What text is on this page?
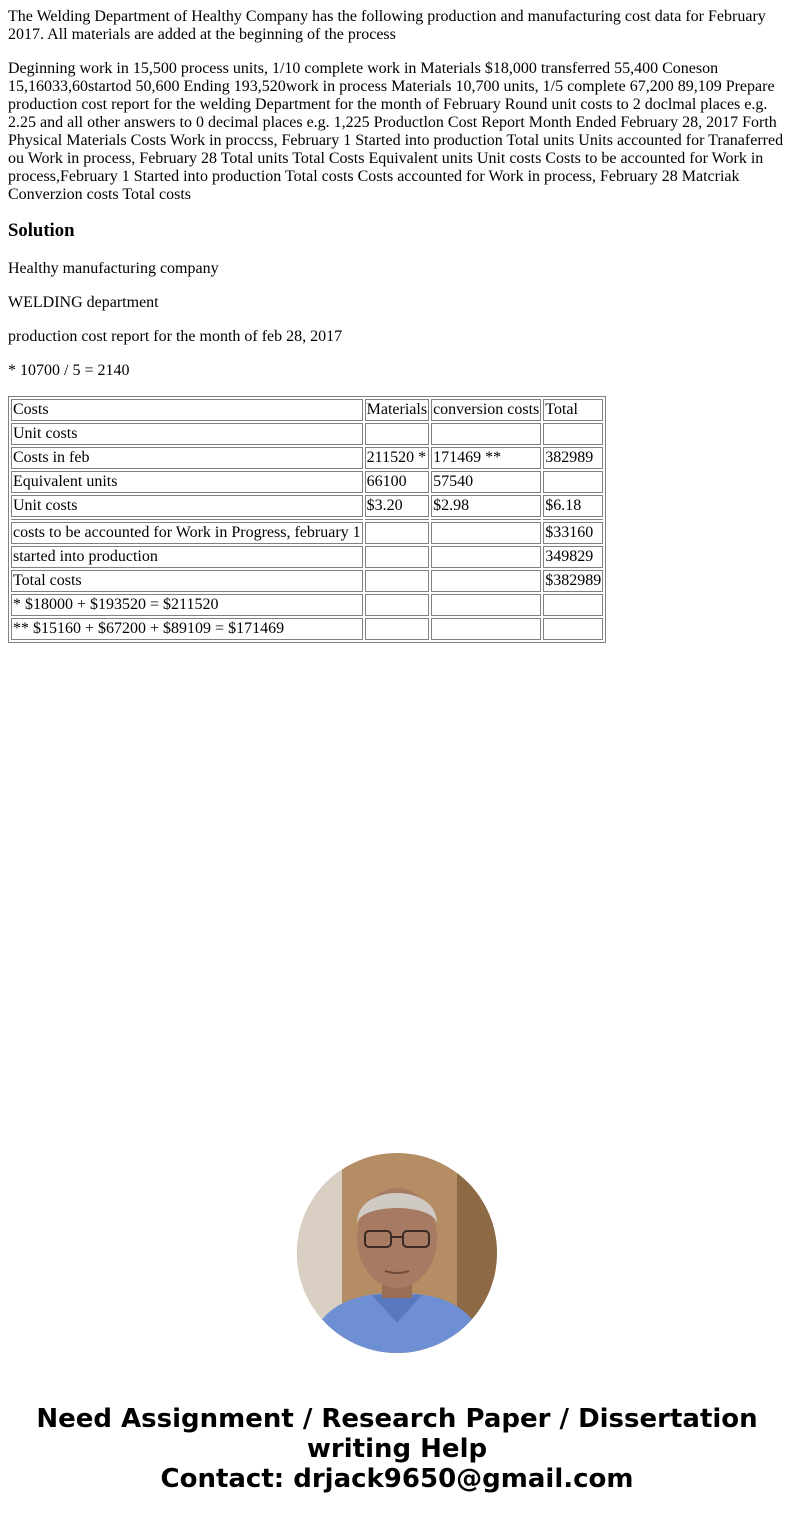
The Welding Department of Healthy Company has the following production and manufacturing cost data for February 2017. All materials are added at the beginning of the process

Deginning work in 15,500 process units, 1/10 complete work in Materials $18,000 transferred 55,400 Coneson 15,16033,60startod 50,600 Ending 193,520work in process Materials 10,700 units, 1/5 complete 67,200 89,109 Prepare production cost report for the welding Department for the month of February Round unit costs to 2 doclmal places e.g. 2.25 and all other answers to 0 decimal places e.g. 1,225 Productlon Cost Report Month Ended February 28, 2017 Forth Physical Materials Costs Work in proccss, February 1 Started into production Total units Units accounted for Tranaferred ou Work in process, February 28 Total units Total Costs Equivalent units Unit costs Costs to be accounted for Work in process,February 1 Started into production Total costs Costs accounted for Work in process, February 28 Matcriak Converzion costs Total costs

Solution

Healthy manufacturing company

WELDING department

production cost report for the month of feb 28, 2017

* 10700 / 5 = 2140

Costs	Materials	conversion costs	Total
Unit costs			
Costs in feb	211520 *	171469 **	382989
Equivalent units	66100	57540	
Unit costs	$3.20	$2.98	$6.18

costs to be accounted for Work in Progress, february 1			$33160
started into production			349829
Total costs			$382989
* $18000 + $193520 = $211520			
** $15160 + $67200 + $89109 = $171469			
Need Assignment / Research Paper / Dissertation
writing Help
Contact: drjack9650@gmail.com
